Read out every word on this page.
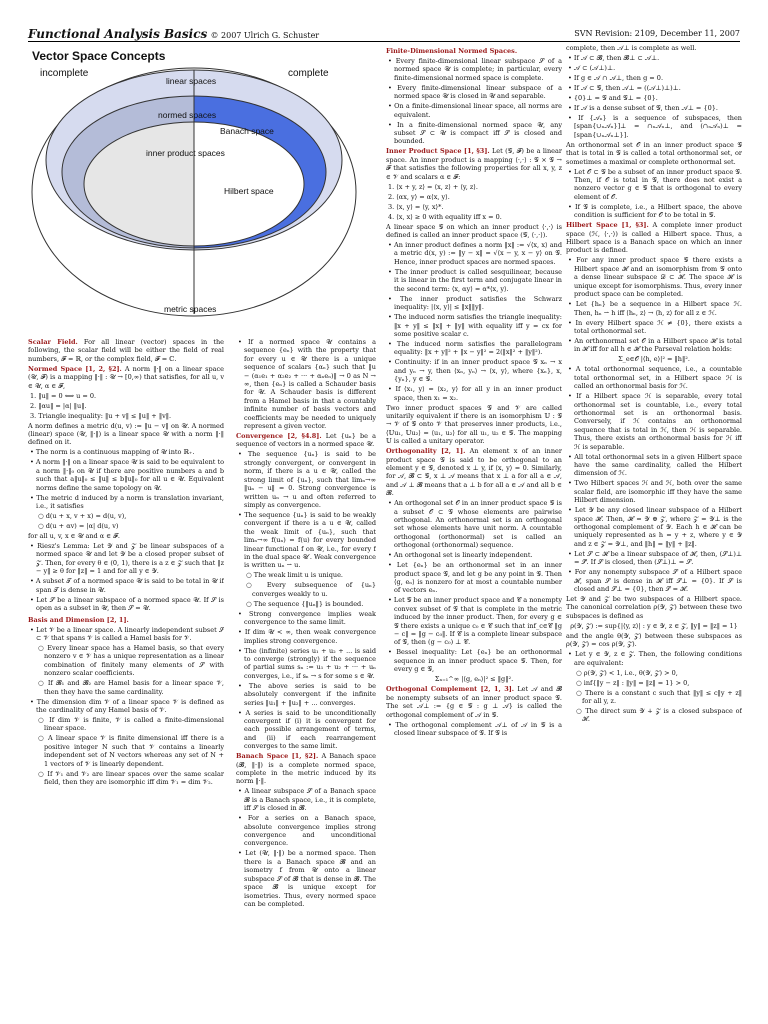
Functional Analysis Basics © 2007 Ulrich G. Schuster	SVN Revision: 2109, December 11, 2007
Vector Space Concepts
incomplete	complete
linear spaces
normed spaces
Banach space
inner product spaces
Hilbert space
metric spaces

Scalar Field. For all linear (vector) spaces in the following, the scalar field will be either the field of real numbers, 𝓕 = ℝ, or the complex field, 𝓕 = ℂ.

Normed Space [1, 2, §2]. A norm ‖·‖ on a linear space (𝒰, 𝓕) is a mapping ‖·‖ : 𝒰 → [0,∞) that satisfies, for all u, v ∈ 𝒰, α ∈ 𝓕,

1. ‖u‖ = 0 ⟺ u = 0.

2. ‖αu‖ = |α| ‖u‖.

3. Triangle inequality: ‖u + v‖ ≤ ‖u‖ + ‖v‖.

A norm defines a metric d(u, v) := ‖u − v‖ on 𝒰. A normed (linear) space (𝒰, ‖·‖) is a linear space 𝒰 with a norm ‖·‖ defined on it.

• The norm is a continuous mapping of 𝒰 into ℝ₊.

• A norm ‖·‖ on a linear space 𝒰 is said to be equivalent to a norm ‖·‖₀ on 𝒰 if there are positive numbers a and b such that a‖u‖₀ ≤ ‖u‖ ≤ b‖u‖₀ for all u ∈ 𝒰. Equivalent norms define the same topology on 𝒰.

• The metric d induced by a norm is translation invariant, i.e., it satisfies

○ d(u + x, v + x) = d(u, v),

○ d(u + αv) = |α| d(u, v)

for all u, v, x ∈ 𝒰 and α ∈ 𝓕.

• Riesz's Lemma: Let 𝒴 and 𝒵 be linear subspaces of a normed space 𝒰 and let 𝒴 be a closed proper subset of 𝒵. Then, for every θ ∈ (0, 1), there is a z ∈ 𝒵 such that ‖z − y‖ ≥ θ for ‖z‖ = 1 and for all y ∈ 𝒴.

• A subset 𝒯 of a normed space 𝒰 is said to be total in 𝒰 if span 𝒯 is dense in 𝒰.

• Let 𝒮 be a linear subspace of a normed space 𝒰. If 𝒮 is open as a subset in 𝒰, then 𝒮 = 𝒰.

Basis and Dimension [2, 1].

• Let 𝒱 be a linear space. A linearly independent subset 𝒮 ⊂ 𝒱 that spans 𝒱 is called a Hamel basis for 𝒱.

○ Every linear space has a Hamel basis, so that every nonzero v ∈ 𝒱 has a unique representation as a linear combination of finitely many elements of 𝒮 with nonzero scalar coefficients.

○ If 𝓑₁ and 𝓑₂ are Hamel basis for a linear space 𝒱, then they have the same cardinality.

• The dimension dim 𝒱 of a linear space 𝒱 is defined as the cardinality of any Hamel basis of 𝒱.

○ If dim 𝒱 is finite, 𝒱 is called a finite-dimensional linear space.

○ A linear space 𝒱 is finite dimensional iff there is a positive integer N such that 𝒱 contains a linearly independent set of N vectors whereas any set of N + 1 vectors of 𝒱 is linearly dependent.

○ If 𝒱₁ and 𝒱₂ are linear spaces over the same scalar field, then they are isomorphic iff dim 𝒱₁ = dim 𝒱₂.

• If a normed space 𝒰 contains a sequence {eₙ} with the property that for every u ∈ 𝒰 there is a unique sequence of scalars {αₙ} such that ‖u − (α₁e₁ + α₂e₂ + ··· + αₙeₙ)‖ → 0 as N → ∞, then {eₙ} is called a Schauder basis for 𝒰. A Schauder basis is different from a Hamel basis in that a countably infinite number of basis vectors and coefficients may be needed to uniquely represent a given vector.

Convergence [2, §4.8]. Let {uₙ} be a sequence of vectors in a normed space 𝒰.

• The sequence {uₙ} is said to be strongly convergent, or convergent in norm, if there is a u ∈ 𝒰, called the strong limit of {uₙ}, such that limₙ→∞ ‖uₙ − u‖ = 0. Strong convergence is written uₙ → u and often referred to simply as convergence.

• The sequence {uₙ} is said to be weakly convergent if there is a u ∈ 𝒰, called the weak limit of {uₙ}, such that limₙ→∞ f(uₙ) = f(u) for every bounded linear functional f on 𝒰, i.e., for every f in the dual space 𝒰′. Weak convergence is written uₙ ⇀ u.

○ The weak limit u is unique.

○ Every subsequence of {uₙ} converges weakly to u.

○ The sequence {‖uₙ‖} is bounded.

• Strong convergence implies weak convergence to the same limit.

• If dim 𝒰 < ∞, then weak convergence implies strong convergence.

• The (infinite) series u₁ + u₂ + ... is said to converge (strongly) if the sequence of partial sums sₙ := u₁ + u₂ + ··· + uₙ converges, i.e., if sₙ → s for some s ∈ 𝒰.

• The above series is said to be absolutely convergent if the infinite series ‖u₁‖ + ‖u₂‖ + ... converges.

• A series is said to be unconditionally convergent if (i) it is convergent for each possible arrangement of terms, and (ii) if each rearrangement converges to the same limit.

Banach Space [1, §2]. A Banach space (𝓑, ‖·‖) is a complete normed space, complete in the metric induced by its norm ‖·‖.

• A linear subspace 𝒮 of a Banach space 𝓑 is a Banach space, i.e., it is complete, iff 𝒮 is closed in 𝓑.

• For a series on a Banach space, absolute convergence implies strong convergence and unconditional convergence.

• Let (𝒰, ‖·‖) be a normed space. Then there is a Banach space 𝓑 and an isometry f from 𝒰 onto a linear subspace 𝒮 of 𝓑 that is dense in 𝓑. The space 𝓑 is unique except for isometries. Thus, every normed space can be completed.

Finite-Dimensional Normed Spaces.

• Every finite-dimensional linear subspace 𝒮 of a normed space 𝒰 is complete; in particular, every finite-dimensional normed space is complete.

• Every finite-dimensional linear subspace of a normed space 𝒰 is closed in 𝒰 and separable.

• On a finite-dimensional linear space, all norms are equivalent.

• In a finite-dimensional normed space 𝒰, any subset 𝒮 ⊂ 𝒰 is compact iff 𝒮 is closed and bounded.

Inner Product Space [1, §3]. Let (𝒢, 𝓕) be a linear space. An inner product is a mapping ⟨·,·⟩ : 𝒢 × 𝒢 → 𝓕 that satisfies the following properties for all x, y, z ∈ 𝒱 and scalars α ∈ 𝓕:

1. ⟨x + y, z⟩ = ⟨x, z⟩ + ⟨y, z⟩.

2. ⟨αx, y⟩ = α⟨x, y⟩.

3. ⟨x, y⟩ = ⟨y, x⟩*.

4. ⟨x, x⟩ ≥ 0 with equality iff x = 0.

A linear space 𝒢 on which an inner product ⟨·,·⟩ is defined is called an inner product space (𝒢, ⟨·,·⟩).

• An inner product defines a norm ‖x‖ := √⟨x, x⟩ and a metric d(x, y) := ‖y − x‖ = √⟨x − y, x − y⟩ on 𝒢. Hence, inner product spaces are normed spaces.

• The inner product is called sesquilinear, because it is linear in the first term and conjugate linear in the second term: ⟨x, αy⟩ = α*⟨x, y⟩.

• The inner product satisfies the Schwarz inequality: |⟨x, y⟩| ≤ ‖x‖‖y‖.

• The induced norm satisfies the triangle inequality: ‖x + y‖ ≤ ‖x‖ + ‖y‖ with equality iff y = cx for some positive scalar c.

• The induced norm satisfies the parallelogram equality: ‖x + y‖² + ‖x − y‖² = 2(‖x‖² + ‖y‖²).

• Continuity: if in an inner product space 𝒢 xₙ → x and yₙ → y, then ⟨xₙ, yₙ⟩ → ⟨x, y⟩, where {xₙ}, x, {yₙ}, y ∈ 𝒢.

• If ⟨x₁, y⟩ = ⟨x₂, y⟩ for all y in an inner product space, then x₁ = x₂.

Two inner product spaces 𝒢 and 𝒱 are called unitarily equivalent if there is an isomorphism 𝕌 : 𝒢 → 𝒱 of 𝒢 onto 𝒱 that preserves inner products, i.e., ⟨𝕌u₁, 𝕌u₂⟩ = ⟨u₁, u₂⟩ for all u₁, u₂ ∈ 𝒢. The mapping 𝕌 is called a unitary operator.

Orthogonality [2, 1]. An element x of an inner product space 𝒢 is said to be orthogonal to an element y ∈ 𝒢, denoted x ⊥ y, if ⟨x, y⟩ = 0. Similarly, for 𝒜, 𝓑 ⊂ 𝒢, x ⊥ 𝒜 means that x ⊥ a for all a ∈ 𝒜, and 𝒜 ⊥ 𝓑 means that a ⊥ b for all a ∈ 𝒜 and all b ∈ 𝓑.

• An orthogonal set 𝒪 in an inner product space 𝒢 is a subset 𝒪 ⊂ 𝒢 whose elements are pairwise orthogonal. An orthonormal set is an orthogonal set whose elements have unit norm. A countable orthogonal (orthonormal) set is called an orthogonal (orthonormal) sequence.

• An orthogonal set is linearly independent.

• Let {eₙ} be an orthonormal set in an inner product space 𝒢, and let g be any point in 𝒢. Then ⟨g, eₙ⟩ is nonzero for at most a countable number of vectors eₙ.

• Let 𝒢 be an inner product space and 𝒞 a nonempty convex subset of 𝒢 that is complete in the metric induced by the inner product. Then, for every g ∈ 𝒢 there exists a unique c₀ ∈ 𝒞 such that inf_c∈𝒞 ‖g − c‖ = ‖g − c₀‖. If 𝒞 is a complete linear subspace of 𝒢, then (g − c₀) ⊥ 𝒞.

• Bessel inequality: Let {eₙ} be an orthonormal sequence in an inner product space 𝒢. Then, for every g ∈ 𝒢,

Σₙ₌₁^∞ |⟨g, eₙ⟩|² ≤ ‖g‖².

Orthogonal Complement [2, 1, 3]. Let 𝒜 and 𝓑 be nonempty subsets of an inner product space 𝒢. The set 𝒜⊥ := {g ∈ 𝒢 : g ⊥ 𝒜} is called the orthogonal complement of 𝒜 in 𝒢.

• The orthogonal complement 𝒜⊥ of 𝒜 in 𝒢 is a closed linear subspace of 𝒢. If 𝒢 is

complete, then 𝒜⊥ is complete as well.

• If 𝒜 ⊂ 𝓑, then 𝓑⊥ ⊂ 𝒜⊥.

• 𝒜 ⊂ (𝒜⊥)⊥.

• If g ∈ 𝒜 ∩ 𝒜⊥, then g = 0.

• If 𝒜 ⊂ 𝒢, then 𝒜⊥ = ((𝒜⊥)⊥)⊥.

• {0}⊥ = 𝒢 and 𝒢⊥ = {0}.

• If 𝒜 is a dense subset of 𝒢, then 𝒜⊥ = {0}.

• If {𝒜ₙ} is a sequence of subspaces, then [span{∪ₙ𝒜ₙ}]⊥ = ∩ₙ𝒜ₙ⊥, and (∩ₙ𝒜ₙ)⊥ = [span{∪ₙ𝒜ₙ⊥}].

An orthonormal set 𝒪 in an inner product space 𝒢 that is total in 𝒢 is called a total orthonormal set, or sometimes a maximal or complete orthonormal set.

• Let 𝒪 ⊂ 𝒢 be a subset of an inner product space 𝒢. Then, if 𝒪 is total in 𝒢, there does not exist a nonzero vector g ∈ 𝒢 that is orthogonal to every element of 𝒪.

• If 𝒢 is complete, i.e., a Hilbert space, the above condition is sufficient for 𝒪 to be total in 𝒢.

Hilbert Space [1, §3]. A complete inner product space (ℋ, ⟨·,·⟩) is called a Hilbert space. Thus, a Hilbert space is a Banach space on which an inner product is defined.

• For any inner product space 𝒢 there exists a Hilbert space ℋ and an isomorphism from 𝒢 onto a dense linear subspace 𝒟 ⊂ ℋ. The space ℋ is unique except for isomorphisms. Thus, every inner product space can be completed.

• Let {hₙ} be a sequence in a Hilbert space ℋ. Then, hₙ ⇀ h iff ⟨hₙ, z⟩ → ⟨h, z⟩ for all z ∈ ℋ.

• In every Hilbert space ℋ ≠ {0}, there exists a total orthonormal set.

• An orthonormal set 𝒪 in a Hilbert space ℋ is total in ℋ iff for all h ∈ ℋ the Parseval relation holds:

Σ_e∈𝒪 |⟨h, e⟩|² = ‖h‖².

• A total orthonormal sequence, i.e., a countable total orthonormal set, in a Hilbert space ℋ is called an orthonormal basis for ℋ.

• If a Hilbert space ℋ is separable, every total orthonormal set is countable, i.e., every total orthonormal set is an orthonormal basis. Conversely, if ℋ contains an orthonormal sequence that is total in ℋ, then ℋ is separable. Thus, there exists an orthonormal basis for ℋ iff ℋ is separable.

• All total orthonormal sets in a given Hilbert space have the same cardinality, called the Hilbert dimension of ℋ.

• Two Hilbert spaces ℋ and ℋ, both over the same scalar field, are isomorphic iff they have the same Hilbert dimension.

• Let 𝒴 be any closed linear subspace of a Hilbert space ℋ. Then, ℋ = 𝒴 ⊕ 𝒵, where 𝒵 = 𝒴⊥ is the orthogonal complement of 𝒴. Each h ∈ ℋ can be uniquely represented as h = y + z, where y ∈ 𝒴 and z ∈ 𝒵 = 𝒴⊥, and ‖h‖ = ‖y‖ + ‖z‖.

• Let 𝒮 ⊂ ℋ be a linear subspace of ℋ, then, (𝒮⊥)⊥ = 𝒮̄. If 𝒮 is closed, then (𝒮⊥)⊥ = 𝒮.

• For any nonempty subspace 𝒮 of a Hilbert space ℋ, span 𝒮 is dense in ℋ iff 𝒮⊥ = {0}. If 𝒮 is closed and 𝒮⊥ = {0}, then 𝒮 = ℋ.

Let 𝒴 and 𝒵 be two subspaces of a Hilbert space. The canonical correlation ρ(𝒴, 𝒵) between these two subspaces is defined as

ρ(𝒴, 𝒵) := sup{|⟨y, z⟩| : y ∈ 𝒴, z ∈ 𝒵, ‖y‖ = ‖z‖ = 1}

and the angle θ(𝒴, 𝒵) between these subspaces as ρ(𝒴, 𝒵) = cos ρ(𝒴, 𝒵).

• Let y ∈ 𝒴, z ∈ 𝒵. Then, the following conditions are equivalent:

○ ρ(𝒴, 𝒵) < 1, i.e., θ(𝒴, 𝒵) > 0,

○ inf{‖y − z‖ : ‖y‖ = ‖z‖ = 1} > 0,

○ There is a constant c such that ‖y‖ ≤ c‖y + z‖ for all y, z.

○ The direct sum 𝒴 ∔ 𝒵 is a closed subspace of ℋ.
